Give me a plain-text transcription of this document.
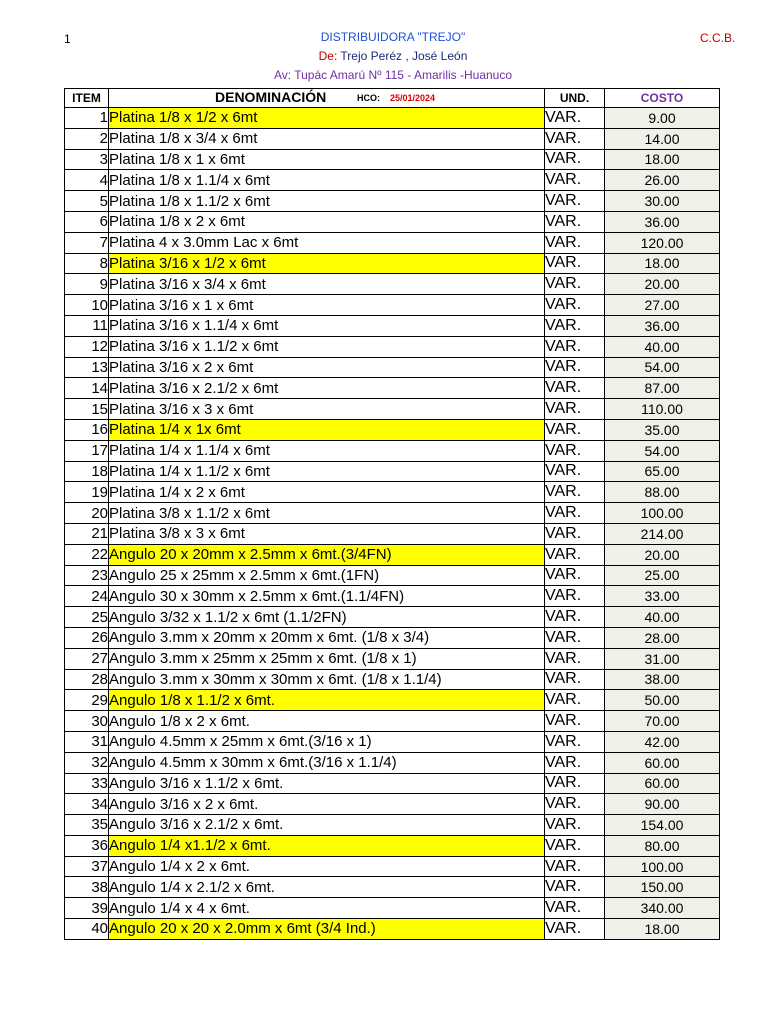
1	C.C.B.
DISTRIBUIDORA "TREJO"
De: Trejo Peréz , José León
Av: Tupác Amarú Nº 115 - Amarilis -Huanuco
ITEM	DENOMINACIÓN HCO: 25/01/2024	UND.	COSTO
1	Platina 1/8 x 1/2 x 6mt	VAR.	9.00
2	Platina 1/8 x 3/4 x 6mt	VAR.	14.00
3	Platina 1/8 x 1 x 6mt	VAR.	18.00
4	Platina 1/8 x 1.1/4 x 6mt	VAR.	26.00
5	Platina 1/8 x 1.1/2 x 6mt	VAR.	30.00
6	Platina 1/8 x 2 x 6mt	VAR.	36.00
7	Platina 4 x 3.0mm Lac x 6mt	VAR.	120.00
8	Platina 3/16 x 1/2 x 6mt	VAR.	18.00
9	Platina 3/16 x 3/4 x 6mt	VAR.	20.00
10	Platina 3/16 x 1 x 6mt	VAR.	27.00
11	Platina 3/16 x 1.1/4 x 6mt	VAR.	36.00
12	Platina 3/16 x 1.1/2 x 6mt	VAR.	40.00
13	Platina 3/16 x 2 x 6mt	VAR.	54.00
14	Platina 3/16 x 2.1/2 x 6mt	VAR.	87.00
15	Platina 3/16 x 3 x 6mt	VAR.	110.00
16	Platina 1/4 x 1x 6mt	VAR.	35.00
17	Platina 1/4 x 1.1/4 x 6mt	VAR.	54.00
18	Platina 1/4 x 1.1/2 x 6mt	VAR.	65.00
19	Platina 1/4 x 2 x 6mt	VAR.	88.00
20	Platina 3/8 x 1.1/2 x 6mt	VAR.	100.00
21	Platina 3/8 x 3 x 6mt	VAR.	214.00
22	Angulo 20 x 20mm x 2.5mm x 6mt.(3/4FN)	VAR.	20.00
23	Angulo 25 x 25mm x 2.5mm x 6mt.(1FN)	VAR.	25.00
24	Angulo 30 x 30mm x 2.5mm x 6mt.(1.1/4FN)	VAR.	33.00
25	Angulo 3/32 x 1.1/2 x 6mt (1.1/2FN)	VAR.	40.00
26	Angulo 3.mm x 20mm x 20mm x 6mt. (1/8 x 3/4)	VAR.	28.00
27	Angulo 3.mm x 25mm x 25mm x 6mt. (1/8 x 1)	VAR.	31.00
28	Angulo 3.mm x 30mm x 30mm x 6mt. (1/8 x 1.1/4)	VAR.	38.00
29	Angulo 1/8 x 1.1/2 x 6mt.	VAR.	50.00
30	Angulo 1/8 x 2 x 6mt.	VAR.	70.00
31	Angulo 4.5mm x 25mm x 6mt.(3/16 x 1)	VAR.	42.00
32	Angulo 4.5mm x 30mm x 6mt.(3/16 x 1.1/4)	VAR.	60.00
33	Angulo 3/16 x 1.1/2 x 6mt.	VAR.	60.00
34	Angulo 3/16 x 2 x 6mt.	VAR.	90.00
35	Angulo 3/16 x 2.1/2 x 6mt.	VAR.	154.00
36	Angulo 1/4 x1.1/2 x 6mt.	VAR.	80.00
37	Angulo 1/4 x 2 x 6mt.	VAR.	100.00
38	Angulo 1/4 x 2.1/2 x 6mt.	VAR.	150.00
39	Angulo 1/4 x 4 x 6mt.	VAR.	340.00
40	Angulo 20 x 20 x 2.0mm x 6mt (3/4 Ind.)	VAR.	18.00
